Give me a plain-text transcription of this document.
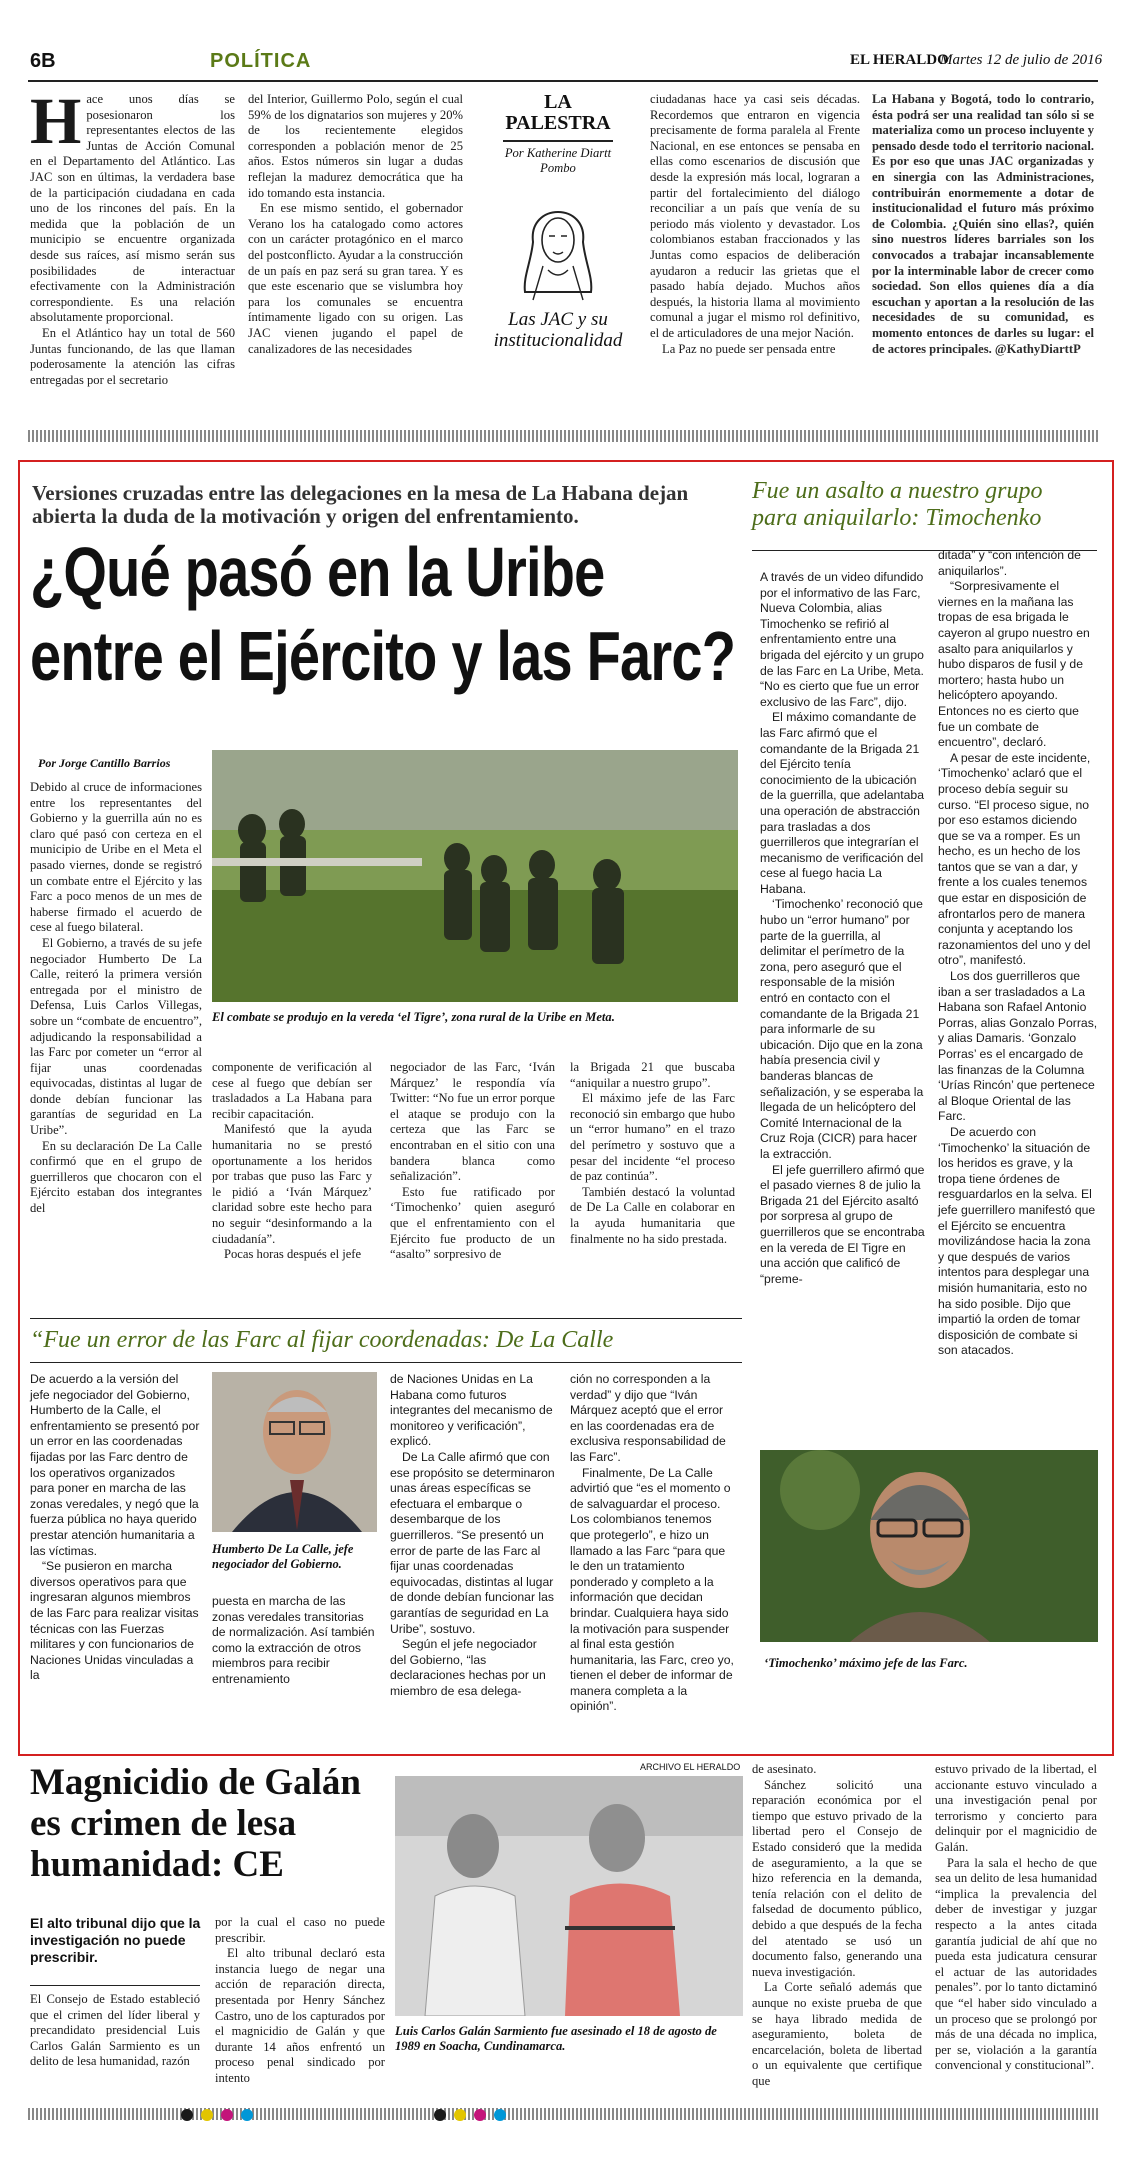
6B	POLÍTICA	EL HERALDO
Martes 12 de julio de 2016

Hace unos días se posesionaron los representantes electos de las Juntas de Acción Comunal en el Departamento del Atlántico. Las JAC son en últimas, la verdadera base de la participación ciudadana en cada uno de los rincones del país. En la medida que la población de un municipio se encuentre organizada desde sus raíces, así mismo serán sus posibilidades de interactuar efectivamente con la Administración correspondiente. Es una relación absolutamente proporcional.

En el Atlántico hay un total de 560 Juntas funcionando, de las que llaman poderosamente la atención las cifras entregadas por el secretario

del Interior, Guillermo Polo, según el cual 59% de los dignatarios son mujeres y 20% de los recientemente elegidos corresponden a población menor de 25 años. Estos números sin lugar a dudas reflejan la madurez democrática que ha ido tomando esta instancia.

En ese mismo sentido, el gobernador Verano los ha catalogado como actores con un carácter protagónico en el marco del postconflicto. Ayudar a la construcción de un país en paz será su gran tarea. Y es que este escenario que se vislumbra hoy para los comunales se encuentra íntimamente ligado con su origen. Las JAC vienen jugando el papel de canalizadores de las necesidades

LA
PALESTRA
Por Katherine Diartt Pombo
Las JAC y su institucionalidad

ciudadanas hace ya casi seis décadas. Recordemos que entraron en vigencia precisamente de forma paralela al Frente Nacional, en ese entonces se pensaba en ellas como escenarios de discusión que desde la expresión más local, lograran a partir del fortalecimiento del diálogo reconciliar a un país que venía de su periodo más violento y devastador. Los colombianos estaban fraccionados y las Juntas como espacios de deliberación ayudaron a reducir las grietas que el pasado había dejado. Muchos años después, la historia llama al movimiento comunal a jugar el mismo rol definitivo, el de articuladores de una mejor Nación.

La Paz no puede ser pensada entre

La Habana y Bogotá, todo lo contrario, ésta podrá ser una realidad tan sólo si se materializa como un proceso incluyente y pensado desde todo el territorio nacional. Es por eso que unas JAC organizadas y en sinergia con las Administraciones, contribuirán enormemente a dotar de institucionalidad el futuro más próximo de Colombia. ¿Quién sino ellas?, quién sino nuestros líderes barriales son los convocados a trabajar incansablemente por la interminable labor de crecer como sociedad. Son ellos quienes día a día escuchan y aportan a la resolución de las necesidades de su comunidad, es momento entonces de darles su lugar: el de actores principales. @KathyDiarttP

Versiones cruzadas entre las delegaciones en la mesa de La Habana dejan abierta la duda de la motivación y origen del enfrentamiento.
¿Qué pasó en la Uribe
entre el Ejército y las Farc?
Por Jorge Cantillo Barrios

Debido al cruce de informaciones entre los representantes del Gobierno y la guerrilla aún no es claro qué pasó con certeza en el municipio de Uribe en el Meta el pasado viernes, donde se registró un combate entre el Ejército y las Farc a poco menos de un mes de haberse firmado el acuerdo de cese al fuego bilateral.

El Gobierno, a través de su jefe negociador Humberto De La Calle, reiteró la primera versión entregada por el ministro de Defensa, Luis Carlos Villegas, sobre un “combate de encuentro”, adjudicando la responsabilidad a las Farc por cometer un “error al fijar unas coordenadas equivocadas, distintas al lugar de donde debían funcionar las garantías de seguridad en La Uribe”.

En su declaración De La Calle confirmó que en el grupo de guerrilleros que chocaron con el Ejército estaban dos integrantes del

El combate se produjo en la vereda ‘el Tigre’, zona rural de la Uribe en Meta.

componente de verificación al cese al fuego que debían ser trasladados a La Habana para recibir capacitación.

Manifestó que la ayuda humanitaria no se prestó oportunamente a los heridos por trabas que puso las Farc y le pidió a ‘Iván Márquez’ claridad sobre este hecho para no seguir “desinformando a la ciudadanía”.

Pocas horas después el jefe

negociador de las Farc, ‘Iván Márquez’ le respondía vía Twitter: “No fue un error porque el ataque se produjo con la certeza que las Farc se encontraban en el sitio con una bandera blanca como señalización”.

Esto fue ratificado por ‘Timochenko’ quien aseguró que el enfrentamiento con el Ejército fue producto de un “asalto” sorpresivo de

la Brigada 21 que buscaba “aniquilar a nuestro grupo”.

El máximo jefe de las Farc reconoció sin embargo que hubo un “error humano” en el trazo del perímetro y sostuvo que a pesar del incidente “el proceso de paz continúa”.

También destacó la voluntad de De La Calle en colaborar en la ayuda humanitaria que finalmente no ha sido prestada.

Fue un asalto a nuestro grupo
para aniquilarlo: Timochenko

A través de un video difundido por el informativo de las Farc, Nueva Colombia, alias Timochenko se refirió al enfrentamiento entre una brigada del ejército y un grupo de las Farc en La Uribe, Meta. “No es cierto que fue un error exclusivo de las Farc”, dijo.

El máximo comandante de las Farc afirmó que el comandante de la Brigada 21 del Ejército tenía conocimiento de la ubicación de la guerrilla, que adelantaba una operación de abstracción para trasladas a dos guerrilleros que integrarían el mecanismo de verificación del cese al fuego hacia La Habana.

‘Timochenko’ reconoció que hubo un “error humano” por parte de la guerrilla, al delimitar el perímetro de la zona, pero aseguró que el responsable de la misión entró en contacto con el comandante de la Brigada 21 para informarle de su ubicación. Dijo que en la zona había presencia civil y banderas blancas de señalización, y se esperaba la llegada de un helicóptero del Comité Internacional de la Cruz Roja (CICR) para hacer la extracción.

El jefe guerrillero afirmó que el pasado viernes 8 de julio la Brigada 21 del Ejército asaltó por sorpresa al grupo de guerrilleros que se encontraba en la vereda de El Tigre en una acción que calificó de “preme-

ditada” y “con intención de aniquilarlos”.

“Sorpresivamente el viernes en la mañana las tropas de esa brigada le cayeron al grupo nuestro en asalto para aniquilarlos y hubo disparos de fusil y de mortero; hasta hubo un helicóptero apoyando. Entonces no es cierto que fue un combate de encuentro”, declaró.

A pesar de este incidente, ‘Timochenko’ aclaró que el proceso debía seguir su curso. “El proceso sigue, no por eso estamos diciendo que se va a romper. Es un hecho, es un hecho de los tantos que se van a dar, y frente a los cuales tenemos que estar en disposición de afrontarlos pero de manera conjunta y aceptando los razonamientos del uno y del otro”, manifestó.

Los dos guerrilleros que iban a ser trasladados a La Habana son Rafael Antonio Porras, alias Gonzalo Porras, y alias Damaris. ‘Gonzalo Porras’ es el encargado de las finanzas de la Columna ‘Urías Rincón’ que pertenece al Bloque Oriental de las Farc.

De acuerdo con ‘Timochenko’ la situación de los heridos es grave, y la tropa tiene órdenes de resguardarlos en la selva. El jefe guerrillero manifestó que el Ejército se encuentra movilizándose hacia la zona y que después de varios intentos para desplegar una misión humanitaria, esto no ha sido posible. Dijo que impartió la orden de tomar disposición de combate si son atacados.

‘Timochenko’ máximo jefe de las Farc.
“Fue un error de las Farc al fijar coordenadas: De La Calle

De acuerdo a la versión del jefe negociador del Gobierno, Humberto de la Calle, el enfrentamiento se presentó por un error en las coordenadas fijadas por las Farc dentro de los operativos organizados para poner en marcha de las zonas veredales, y negó que la fuerza pública no haya querido prestar atención humanitaria a las víctimas.

“Se pusieron en marcha diversos operativos para que ingresaran algunos miembros de las Farc para realizar visitas técnicas con las Fuerzas militares y con funcionarios de Naciones Unidas vinculadas a la

Humberto De La Calle, jefe negociador del Gobierno.

puesta en marcha de las zonas veredales transitorias de normalización. Así también como la extracción de otros miembros para recibir entrenamiento

de Naciones Unidas en La Habana como futuros integrantes del mecanismo de monitoreo y verificación”, explicó.

De La Calle afirmó que con ese propósito se determinaron unas áreas específicas se efectuara el embarque o desembarque de los guerrilleros. “Se presentó un error de parte de las Farc al fijar unas coordenadas equivocadas, distintas al lugar de donde debían funcionar las garantías de seguridad en La Uribe”, sostuvo.

Según el jefe negociador del Gobierno, “las declaraciones hechas por un miembro de esa delega-

ción no corresponden a la verdad” y dijo que “Iván Márquez aceptó que el error en las coordenadas era de exclusiva responsabilidad de las Farc”.

Finalmente, De La Calle advirtió que “es el momento o de salvaguardar el proceso. Los colombianos tenemos que protegerlo”, e hizo un llamado a las Farc “para que le den un tratamiento ponderado y completo a la información que decidan brindar. Cualquiera haya sido la motivación para suspender al final esta gestión humanitaria, las Farc, creo yo, tienen el deber de informar de manera completa a la opinión”.

Magnicidio de Galán es crimen de lesa humanidad: CE
El alto tribunal dijo que la investigación no puede prescribir.

El Consejo de Estado estableció que el crimen del líder liberal y precandidato presidencial Luis Carlos Galán Sarmiento es un delito de lesa humanidad, razón

por la cual el caso no puede prescribir.

El alto tribunal declaró esta instancia luego de negar una acción de reparación directa, presentada por Henry Sánchez Castro, uno de los capturados por el magnicidio de Galán y que durante 14 años enfrentó un proceso penal sindicado por intento

ARCHIVO EL HERALDO
Luis Carlos Galán Sarmiento fue asesinado el 18 de agosto de 1989 en Soacha, Cundinamarca.

de asesinato.

Sánchez solicitó una reparación económica por el tiempo que estuvo privado de la libertad pero el Consejo de Estado consideró que la medida de aseguramiento, a la que se hizo referencia en la demanda, tenía relación con el delito de falsedad de documento público, debido a que después de la fecha del atentado se usó un documento falso, generando una nueva investigación.

La Corte señaló además que aunque no existe prueba de que se haya librado medida de aseguramiento, boleta de encarcelación, boleta de libertad o un equivalente que certifique que

estuvo privado de la libertad, el accionante estuvo vinculado a una investigación penal por terrorismo y concierto para delinquir por el magnicidio de Galán.

Para la sala el hecho de que sea un delito de lesa humanidad “implica la prevalencia del deber de investigar y juzgar respecto a la antes citada garantía judicial de ahí que no pueda esta judicatura censurar el actuar de las autoridades penales”. por lo tanto dictaminó que “el haber sido vinculado a un proceso que se prolongó por más de una década no implica, per se, violación a la garantía convencional y constitucional”.
